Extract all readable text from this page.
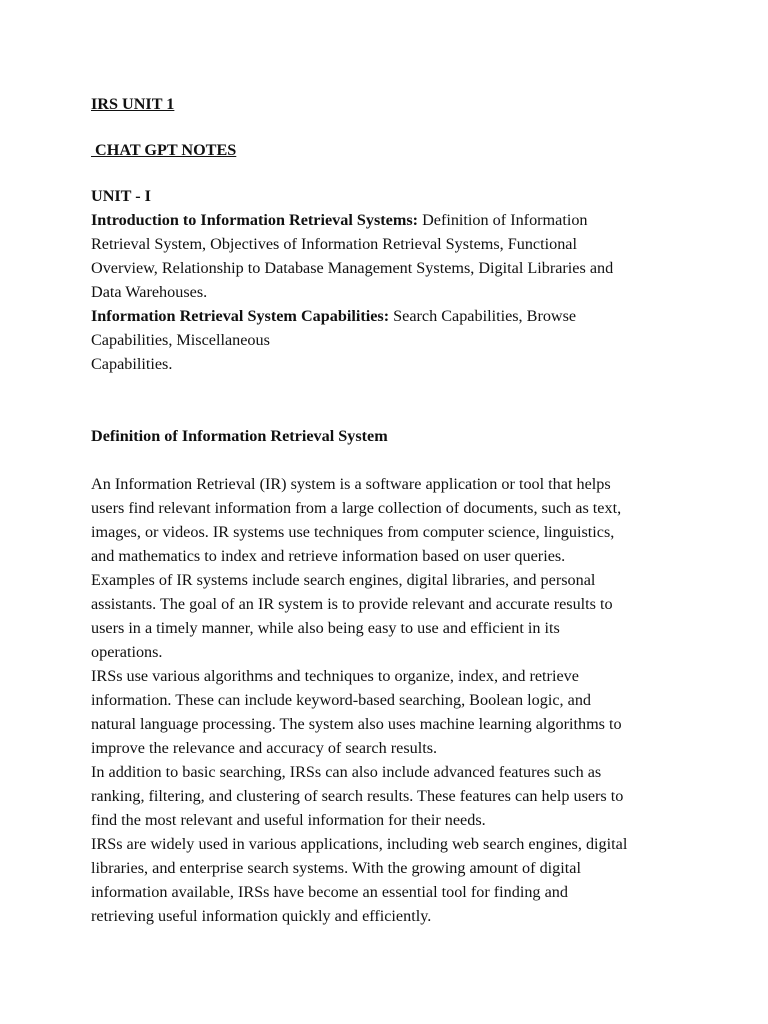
IRS UNIT 1

CHAT GPT NOTES

UNIT - I

Introduction to Information Retrieval Systems: Definition of Information
Retrieval System, Objectives of Information Retrieval Systems, Functional
Overview, Relationship to Database Management Systems, Digital Libraries and
Data Warehouses.
Information Retrieval System Capabilities: Search Capabilities, Browse
Capabilities, Miscellaneous
Capabilities.

Definition of Information Retrieval System

An Information Retrieval (IR) system is a software application or tool that helps
users find relevant information from a large collection of documents, such as text,
images, or videos. IR systems use techniques from computer science, linguistics,
and mathematics to index and retrieve information based on user queries.
Examples of IR systems include search engines, digital libraries, and personal
assistants. The goal of an IR system is to provide relevant and accurate results to
users in a timely manner, while also being easy to use and efficient in its
operations.
IRSs use various algorithms and techniques to organize, index, and retrieve
information. These can include keyword-based searching, Boolean logic, and
natural language processing. The system also uses machine learning algorithms to
improve the relevance and accuracy of search results.
In addition to basic searching, IRSs can also include advanced features such as
ranking, filtering, and clustering of search results. These features can help users to
find the most relevant and useful information for their needs.
IRSs are widely used in various applications, including web search engines, digital
libraries, and enterprise search systems. With the growing amount of digital
information available, IRSs have become an essential tool for finding and
retrieving useful information quickly and efficiently.
